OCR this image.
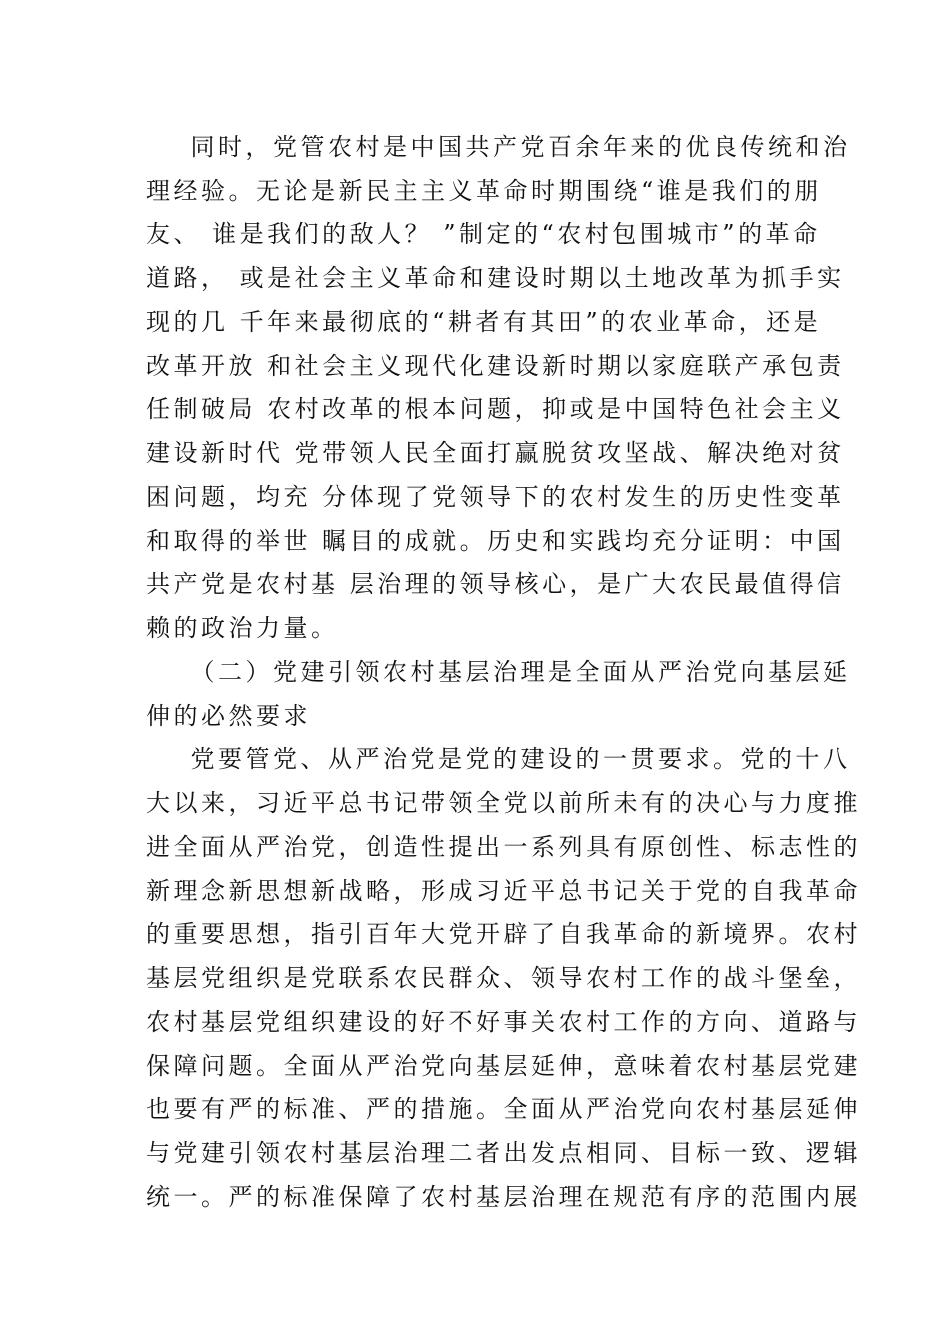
同时，党管农村是中国共产党百余年来的优良传统和治

理经验。无论是新民主主义革命时期围绕“谁是我们的朋

友、 谁是我们的敌人？ ”制定的“农村包围城市”的革命

道路， 或是社会主义革命和建设时期以土地改革为抓手实

现的几 千年来最彻底的“耕者有其田”的农业革命，还是

改革开放 和社会主义现代化建设新时期以家庭联产承包责

任制破局 农村改革的根本问题，抑或是中国特色社会主义

建设新时代 党带领人民全面打赢脱贫攻坚战、解决绝对贫

困问题，均充 分体现了党领导下的农村发生的历史性变革

和取得的举世 瞩目的成就。历史和实践均充分证明：中国

共产党是农村基 层治理的领导核心，是广大农民最值得信

赖的政治力量。

（二）党建引领农村基层治理是全面从严治党向基层延

伸的必然要求

党要管党、从严治党是党的建设的一贯要求。党的十八

大以来，习近平总书记带领全党以前所未有的决心与力度推

进全面从严治党，创造性提出一系列具有原创性、标志性的

新理念新思想新战略，形成习近平总书记关于党的自我革命

的重要思想，指引百年大党开辟了自我革命的新境界。农村

基层党组织是党联系农民群众、领导农村工作的战斗堡垒，

农村基层党组织建设的好不好事关农村工作的方向、道路与

保障问题。全面从严治党向基层延伸，意味着农村基层党建

也要有严的标准、严的措施。全面从严治党向农村基层延伸

与党建引领农村基层治理二者出发点相同、目标一致、逻辑

统一。严的标准保障了农村基层治理在规范有序的范围内展
